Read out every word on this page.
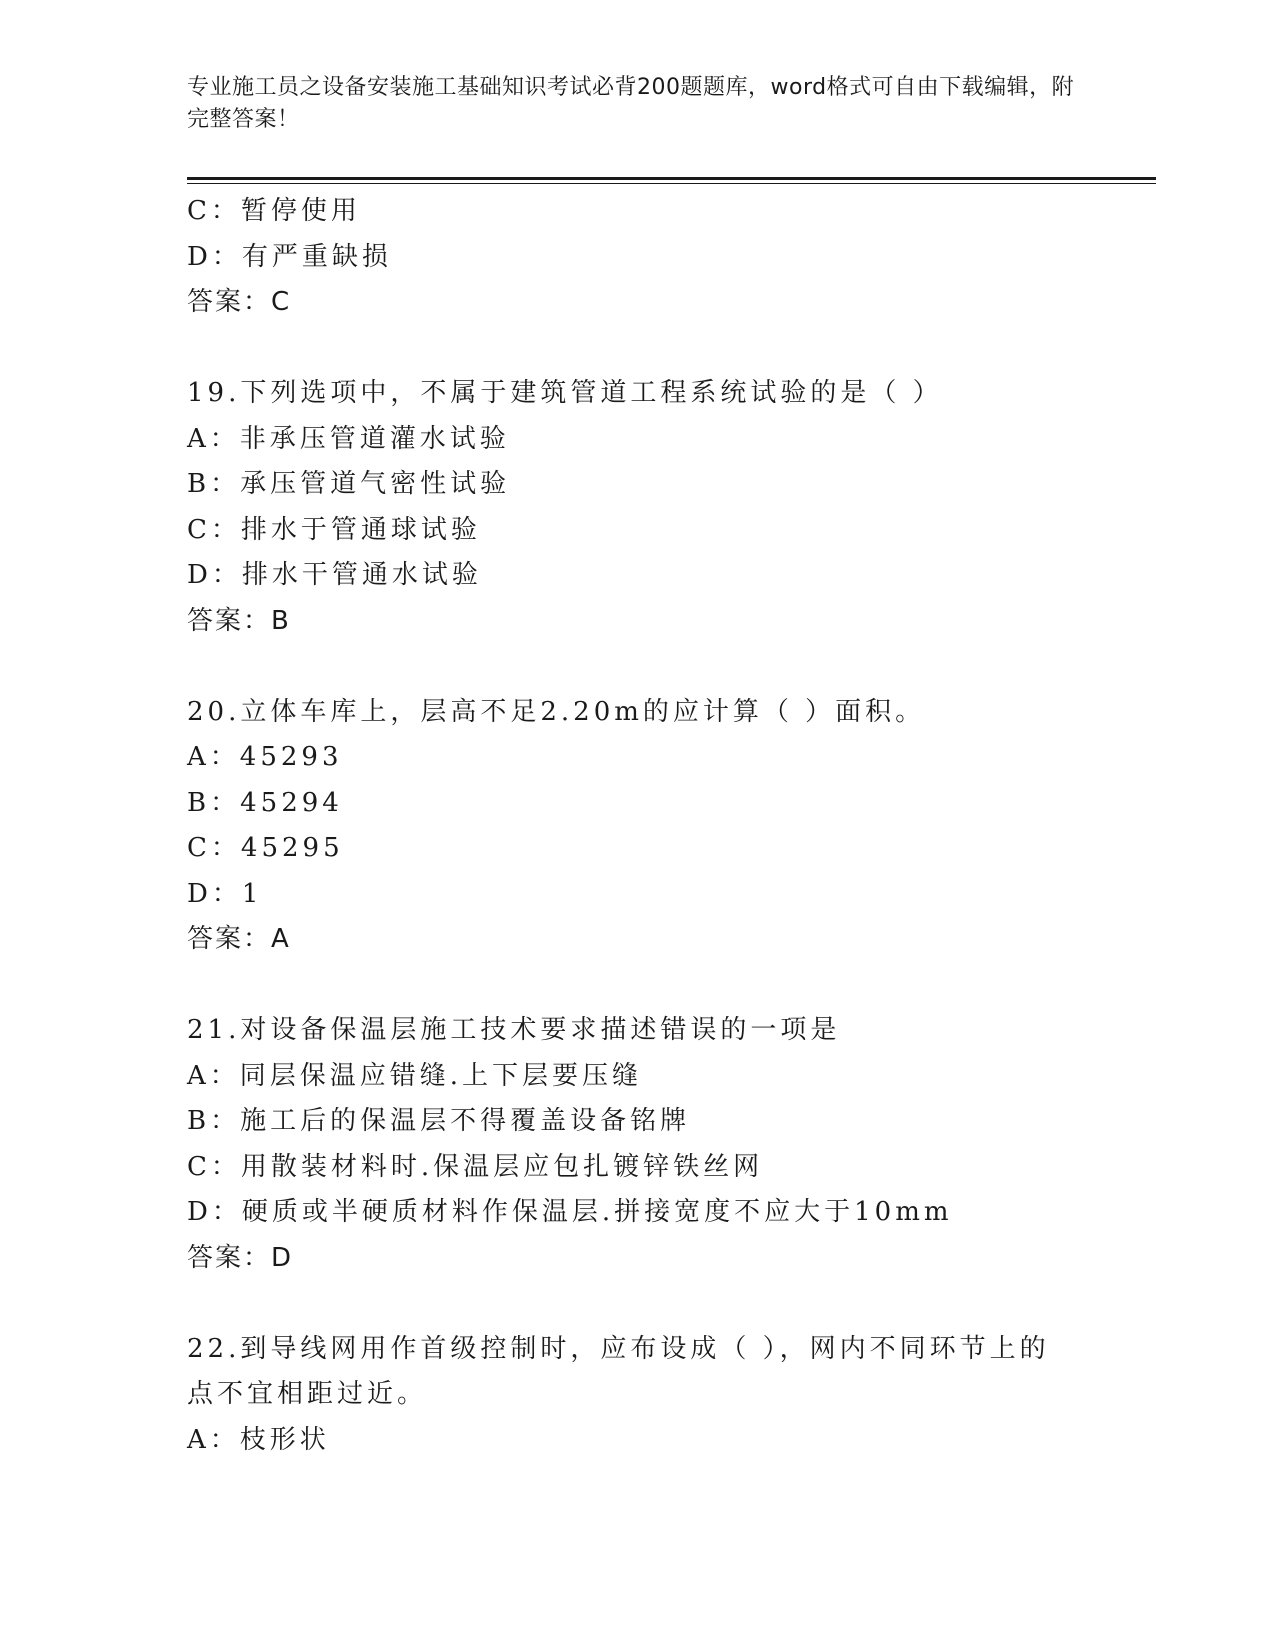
专业施工员之设备安装施工基础知识考试必背200题题库，word格式可自由下载编辑，附完整答案！
C：暂停使用
D：有严重缺损
答案：C
19.下列选项中，不属于建筑管道工程系统试验的是（ ）
A：非承压管道灌水试验
B：承压管道气密性试验
C：排水于管通球试验
D：排水干管通水试验
答案：B
20.立体车库上，层高不足2.20m的应计算（ ）面积。
A：45293
B：45294
C：45295
D：1
答案：A
21.对设备保温层施工技术要求描述错误的一项是
A：同层保温应错缝.上下层要压缝
B：施工后的保温层不得覆盖设备铭牌
C：用散装材料时.保温层应包扎镀锌铁丝网
D：硬质或半硬质材料作保温层.拼接宽度不应大于10mm
答案：D
22.到导线网用作首级控制时，应布设成（ ），网内不同环节上的点不宜相距过近。
A：枝形状
